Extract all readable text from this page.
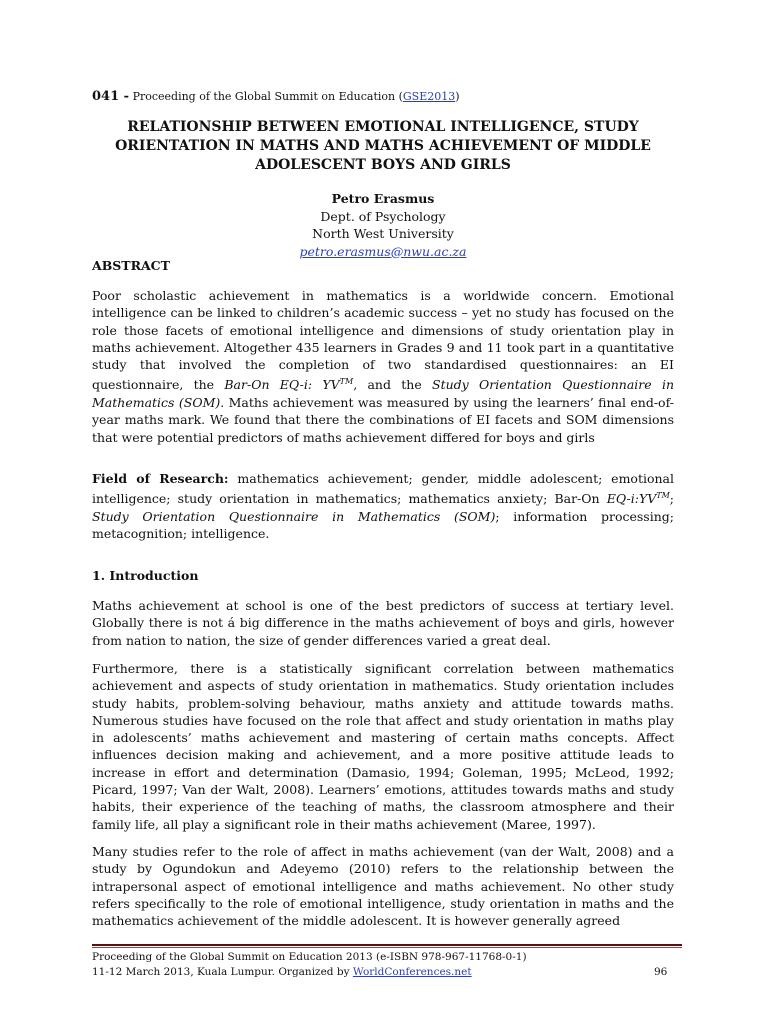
041 - Proceeding of the Global Summit on Education (GSE2013)
RELATIONSHIP BETWEEN EMOTIONAL INTELLIGENCE, STUDY
ORIENTATION IN MATHS AND MATHS ACHIEVEMENT OF MIDDLE
ADOLESCENT BOYS AND GIRLS
Petro Erasmus
Dept. of Psychology
North West University
petro.erasmus@nwu.ac.za
ABSTRACT

Poor scholastic achievement in mathematics is a worldwide concern. Emotional intelligence can be linked to children’s academic success – yet no study has focused on the role those facets of emotional intelligence and dimensions of study orientation play in maths achievement. Altogether 435 learners in Grades 9 and 11 took part in a quantitative study that involved the completion of two standardised questionnaires: an EI questionnaire, the Bar-On EQ-i: YV™, and the Study Orientation Questionnaire in Mathematics (SOM). Maths achievement was measured by using the learners’ final end-of-year maths mark. We found that there the combinations of EI facets and SOM dimensions that were potential predictors of maths achievement differed for boys and girls

Field of Research: mathematics achievement; gender, middle adolescent; emotional intelligence; study orientation in mathematics; mathematics anxiety; Bar-On EQ-i:YV™; Study Orientation Questionnaire in Mathematics (SOM); information processing; metacognition; intelligence.

1. Introduction

Maths achievement at school is one of the best predictors of success at tertiary level. Globally there is not á big difference in the maths achievement of boys and girls, however from nation to nation, the size of gender differences varied a great deal.

Furthermore, there is a statistically significant correlation between mathematics achievement and aspects of study orientation in mathematics. Study orientation includes study habits, problem-solving behaviour, maths anxiety and attitude towards maths. Numerous studies have focused on the role that affect and study orientation in maths play in adolescents’ maths achievement and mastering of certain maths concepts. Affect influences decision making and achievement, and a more positive attitude leads to increase in effort and determination (Damasio, 1994; Goleman, 1995; McLeod, 1992; Picard, 1997; Van der Walt, 2008). Learners’ emotions, attitudes towards maths and study habits, their experience of the teaching of maths, the classroom atmosphere and their family life, all play a significant role in their maths achievement (Maree, 1997).

Many studies refer to the role of affect in maths achievement (van der Walt, 2008) and a study by Ogundokun and Adeyemo (2010) refers to the relationship between the intrapersonal aspect of emotional intelligence and maths achievement. No other study refers specifically to the role of emotional intelligence, study orientation in maths and the mathematics achievement of the middle adolescent. It is however generally agreed

Proceeding of the Global Summit on Education 2013 (e-ISBN 978-967-11768-0-1)
11-12 March 2013, Kuala Lumpur. Organized by WorldConferences.net	96
